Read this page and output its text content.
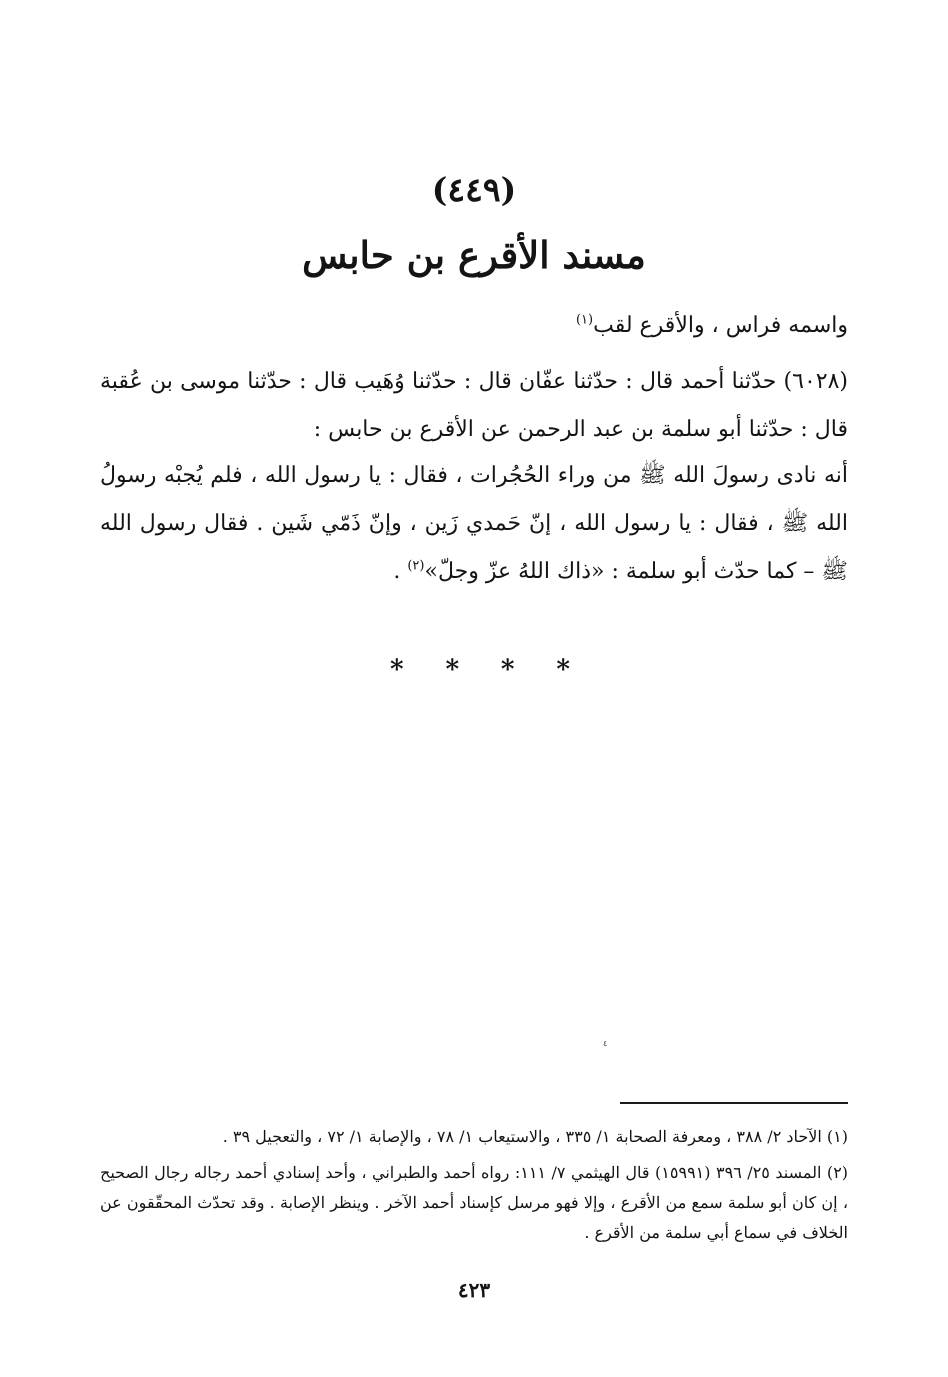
(٤٤٩)
مسند الأقرع بن حابس
واسمه فراس ، والأقرع لقب$^{(١)}$
(٦٠٢٨) حدّثنا أحمد قال : حدّثنا عفّان قال : حدّثنا وُهَيب قال : حدّثنا موسى بن عُقبة قال : حدّثنا أبو سلمة بن عبد الرحمن عن الأقرع بن حابس :
أنه نادى رسولَ الله ﷺ من وراء الحُجُرات ، فقال : يا رسول الله ، فلم يُجبْه رسولُ الله ﷺ ، فقال : يا رسول الله ، إنّ حَمدي زَين ، وإنّ ذَمّي شَين . فقال رسول الله ﷺ – كما حدّث أبو سلمة : «ذاك اللهُ عزّ وجلّ»$^{(٢)}$ .
* * * *
٤
(١) الآحاد ٢/ ٣٨٨ ، ومعرفة الصحابة ١/ ٣٣٥ ، والاستيعاب ١/ ٧٨ ، والإصابة ١/ ٧٢ ، والتعجيل ٣٩ .
(٢) المسند ٢٥/ ٣٩٦ (١٥٩٩١) قال الهيثمي ٧/ ١١١: رواه أحمد والطبراني ، وأحد إسنادي أحمد رجاله رجال الصحيح ، إن كان أبو سلمة سمع من الأقرع ، وإلا فهو مرسل كإسناد أحمد الآخر . وينظر الإصابة . وقد تحدّث المحقّقون عن الخلاف في سماع أبي سلمة من الأقرع .
٤٢٣
